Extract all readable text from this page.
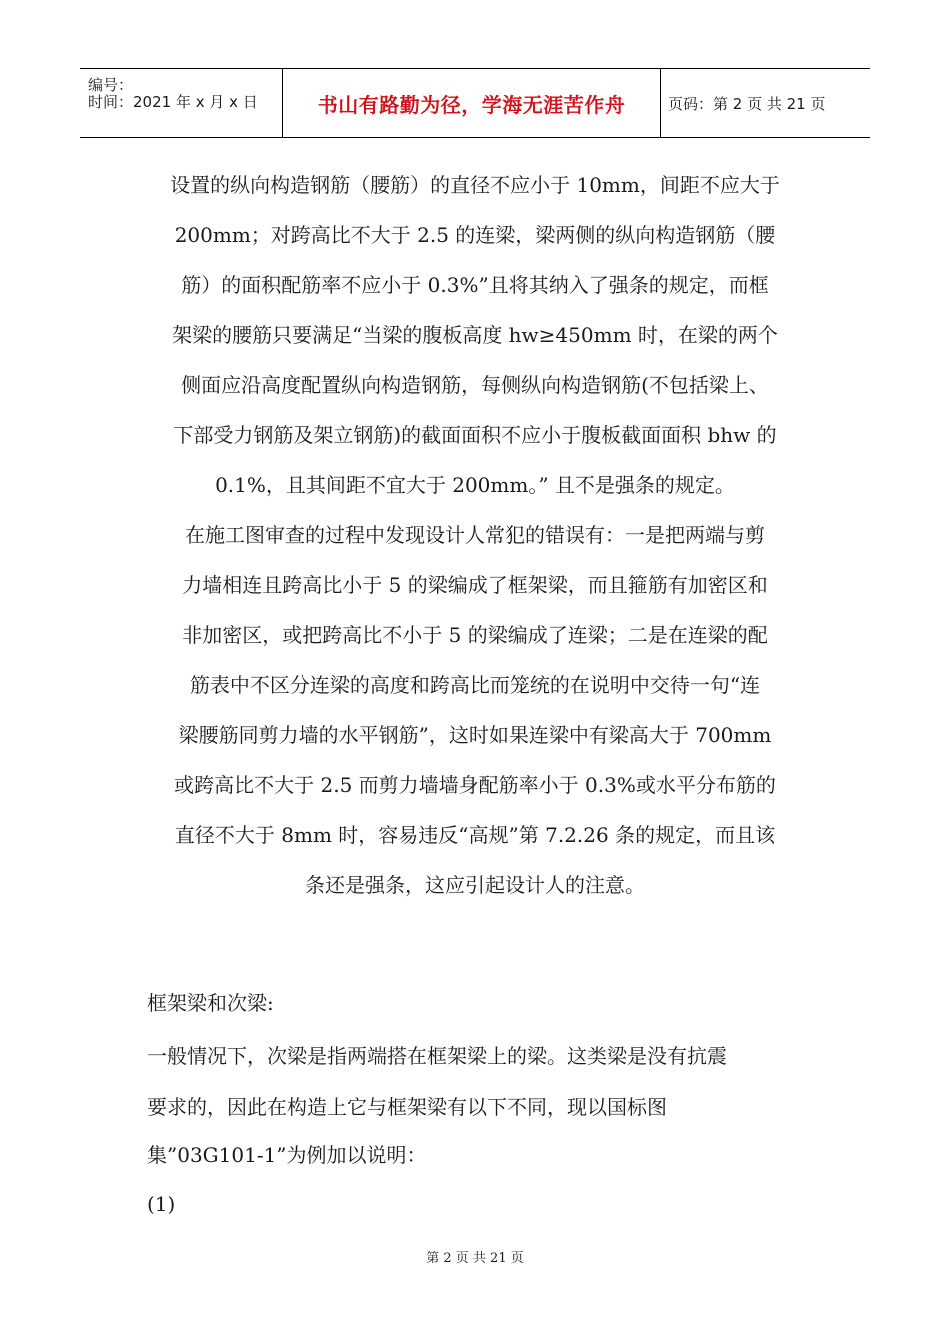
编号：
时间：2021 年 x 月 x 日	书山有路勤为径，学海无涯苦作舟	页码：第 2 页 共 21 页
设置的纵向构造钢筋（腰筋）的直径不应小于 10mm，间距不应大于
200mm；对跨高比不大于 2.5 的连梁，梁两侧的纵向构造钢筋（腰
筋）的面积配筋率不应小于 0.3%”且将其纳入了强条的规定，而框
架梁的腰筋只要满足“当梁的腹板高度 hw≥450mm 时，在梁的两个
侧面应沿高度配置纵向构造钢筋，每侧纵向构造钢筋(不包括梁上、
下部受力钢筋及架立钢筋)的截面面积不应小于腹板截面面积 bhw 的
0.1%，且其间距不宜大于 200mm。” 且不是强条的规定。
在施工图审查的过程中发现设计人常犯的错误有：一是把两端与剪
力墙相连且跨高比小于 5 的梁编成了框架梁，而且箍筋有加密区和
非加密区，或把跨高比不小于 5 的梁编成了连梁；二是在连梁的配
筋表中不区分连梁的高度和跨高比而笼统的在说明中交待一句“连
梁腰筋同剪力墙的水平钢筋”，这时如果连梁中有梁高大于 700mm
或跨高比不大于 2.5 而剪力墙墙身配筋率小于 0.3%或水平分布筋的
直径不大于 8mm 时，容易违反“高规”第 7.2.26 条的规定，而且该
条还是强条，这应引起设计人的注意。
框架梁和次梁:
一般情况下，次梁是指两端搭在框架梁上的梁。这类梁是没有抗震
要求的，因此在构造上它与框架梁有以下不同，现以国标图
集”03G101-1”为例加以说明：
(1)
第 2 页 共 21 页
